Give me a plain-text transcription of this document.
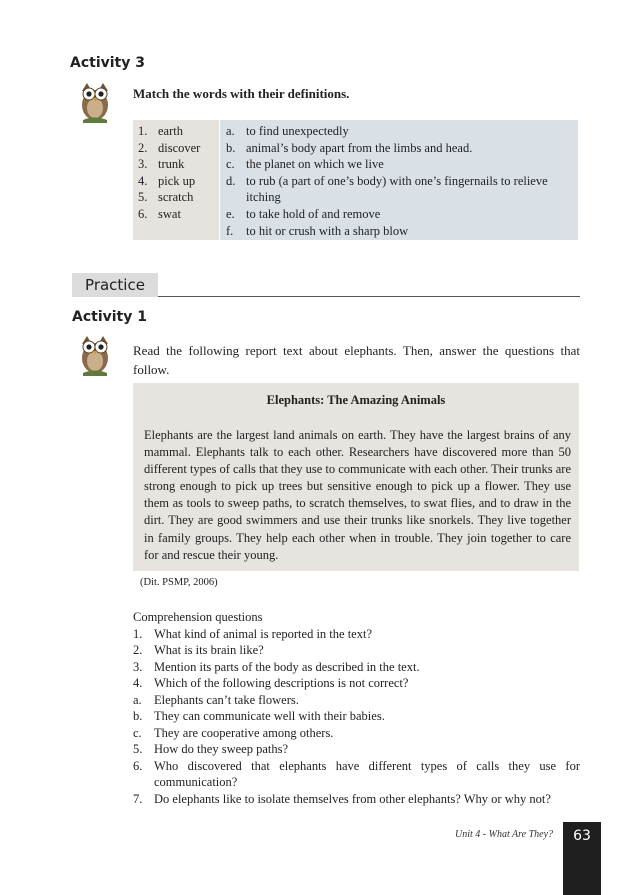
Activity 3
Match the words with their definitions.
1. earth
2. discover
3. trunk
4. pick up
5. scratch
6. swat
a. to find unexpectedly
b. animal’s body apart from the limbs and head.
c. the planet on which we live
d. to rub (a part of one’s body) with one’s fingernails to relieve itching
e. to take hold of and remove
f.	to hit or crush with a sharp blow
Practice
Activity 1
Read the following report text about elephants. Then, answer the questions that follow.
Elephants: The Amazing Animals
Elephants are the largest land animals on earth. They have the largest brains of any mammal. Elephants talk to each other. Researchers have discovered more than 50 different types of calls that they use to communicate with each other. Their trunks are strong enough to pick up trees but sensitive enough to pick up a flower. They use them as tools to sweep paths, to scratch themselves, to swat flies, and to draw in the dirt. They are good swimmers and use their trunks like snorkels. They live together in family groups. They help each other when in trouble. They join together to care for and rescue their young.
(Dit. PSMP, 2006)
Comprehension questions
1. What kind of animal is reported in the text?
2. What is its brain like?
3. Mention its parts of the body as described in the text.
4. Which of the following descriptions is not correct?
a. Elephants can’t take flowers.
b. They can communicate well with their babies.
c. They are cooperative among others.
5. How do they sweep paths?
6. Who discovered that elephants have different types of calls they use for communication?
7. Do elephants like to isolate themselves from other elephants? Why or why not?
Unit 4 - What Are They?	63
